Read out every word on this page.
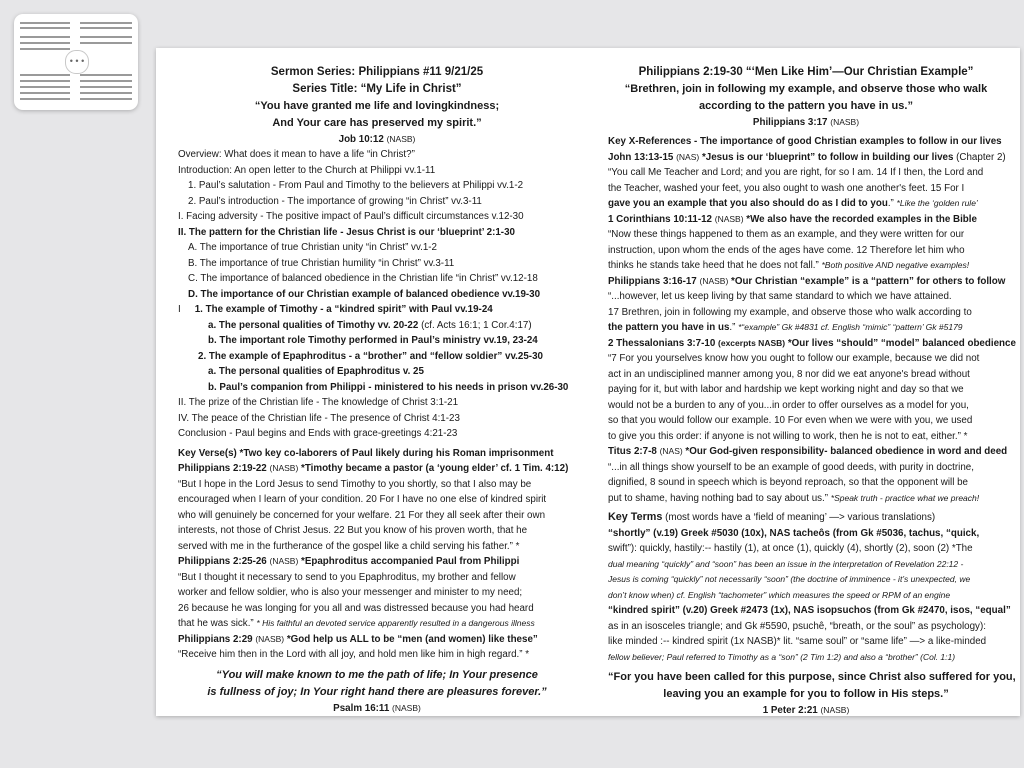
• • •

Sermon Series: Philippians #11 9/21/25

Series Title: “My Life in Christ”

“You have granted me life and lovingkindness;

And Your care has preserved my spirit.”

Job 10:12 (NASB)

Overview: What does it mean to have a life “in Christ?”

Introduction: An open letter to the Church at Philippi vv.1-11

1. Paul’s salutation - From Paul and Timothy to the believers at Philippi vv.1-2

2. Paul’s introduction - The importance of growing “in Christ” vv.3-11

I. Facing adversity - The positive impact of Paul’s difficult circumstances v.12-30

II. The pattern for the Christian life - Jesus Christ is our ‘blueprint’ 2:1-30

A. The importance of true Christian unity “in Christ” vv.1-2

B. The importance of true Christian humility “in Christ” vv.3-11

C. The importance of balanced obedience in the Christian life “in Christ” vv.12-18

D. The importance of our Christian example of balanced obedience vv.19-30

I 1. The example of Timothy - a “kindred spirit” with Paul vv.19-24

a. The personal qualities of Timothy vv. 20-22 (cf. Acts 16:1; 1 Cor.4:17)

b. The important role Timothy performed in Paul’s ministry vv.19, 23-24

2. The example of Epaphroditus - a “brother” and “fellow soldier” vv.25-30

a. The personal qualities of Epaphroditus v. 25

b. Paul’s companion from Philippi - ministered to his needs in prison vv.26-30

II. The prize of the Christian life - The knowledge of Christ 3:1-21

IV. The peace of the Christian life - The presence of Christ 4:1-23

Conclusion - Paul begins and Ends with grace-greetings 4:21-23

Key Verse(s) *Two key co-laborers of Paul likely during his Roman imprisonment

Philippians 2:19-22 (NASB) *Timothy became a pastor (a ‘young elder’ cf. 1 Tim. 4:12)

“But I hope in the Lord Jesus to send Timothy to you shortly, so that I also may be

encouraged when I learn of your condition. 20 For I have no one else of kindred spirit

who will genuinely be concerned for your welfare. 21 For they all seek after their own

interests, not those of Christ Jesus. 22 But you know of his proven worth, that he

served with me in the furtherance of the gospel like a child serving his father.” *

Philippians 2:25-26 (NASB) *Epaphroditus accompanied Paul from Philippi

“But I thought it necessary to send to you Epaphroditus, my brother and fellow

worker and fellow soldier, who is also your messenger and minister to my need;

26 because he was longing for you all and was distressed because you had heard

that he was sick.” * His faithful an devoted service apparently resulted in a dangerous illness

Philippians 2:29 (NASB) *God help us ALL to be “men (and women) like these”

“Receive him then in the Lord with all joy, and hold men like him in high regard.” *

“You will make known to me the path of life; In Your presence

is fullness of joy; In Your right hand there are pleasures forever.”

Psalm 16:11 (NASB)

Philippians 2:19-30 “‘Men Like Him’—Our Christian Example”

“Brethren, join in following my example, and observe those who walk

according to the pattern you have in us.”

Philippians 3:17 (NASB)

Key X-References - The importance of good Christian examples to follow in our lives

John 13:13-15 (NAS) *Jesus is our ‘blueprint” to follow in building our lives (Chapter 2)

“You call Me Teacher and Lord; and you are right, for so I am. 14 If I then, the Lord and

the Teacher, washed your feet, you also ought to wash one another's feet. 15 For I

gave you an example that you also should do as I did to you.” *Like the ‘golden rule’

1 Corinthians 10:11-12 (NASB) *We also have the recorded examples in the Bible

“Now these things happened to them as an example, and they were written for our

instruction, upon whom the ends of the ages have come. 12 Therefore let him who

thinks he stands take heed that he does not fall.” *Both positive AND negative examples!

Philippians 3:16-17 (NASB) *Our Christian “example” is a “pattern” for others to follow

“...however, let us keep living by that same standard to which we have attained.

17 Brethren, join in following my example, and observe those who walk according to

the pattern you have in us.” *“example” Gk #4831 cf. English “mimic” “pattern’ Gk #5179

2 Thessalonians 3:7-10 (excerpts NASB) *Our lives “should” “model” balanced obedience

“7 For you yourselves know how you ought to follow our example, because we did not

act in an undisciplined manner among you, 8 nor did we eat anyone's bread without

paying for it, but with labor and hardship we kept working night and day so that we

would not be a burden to any of you...in order to offer ourselves as a model for you,

so that you would follow our example. 10 For even when we were with you, we used

to give you this order: if anyone is not willing to work, then he is not to eat, either.” *

Titus 2:7-8 (NAS) *Our God-given responsibility- balanced obedience in word and deed

“...in all things show yourself to be an example of good deeds, with purity in doctrine,

dignified, 8 sound in speech which is beyond reproach, so that the opponent will be

put to shame, having nothing bad to say about us.” *Speak truth - practice what we preach!

Key Terms (most words have a ‘field of meaning’ —> various translations)

“shortly” (v.19) Greek #5030 (10x), NAS tacheôs (from Gk #5036, tachus, “quick,

swift”): quickly, hastily:-- hastily (1), at once (1), quickly (4), shortly (2), soon (2) *The

dual meaning “quickly” and “soon” has been an issue in the interpretation of Revelation 22:12 -

Jesus is coming “quickly” not necessarily “soon” (the doctrine of imminence - it’s unexpected, we

don’t know when) cf. English “tachometer” which measures the speed or RPM of an engine

“kindred spirit” (v.20) Greek #2473 (1x), NAS isopsuchos (from Gk #2470, isos, “equal”

as in an isosceles triangle; and Gk #5590, psuchê, “breath, or the soul” as psychology):

like minded :-- kindred spirit (1x NASB)* lit. “same soul” or “same life” —> a like-minded

fellow believer; Paul referred to Timothy as a “son” (2 Tim 1:2) and also a “brother” (Col. 1:1)

“For you have been called for this purpose, since Christ also suffered for you,

leaving you an example for you to follow in His steps.”

1 Peter 2:21 (NASB)
